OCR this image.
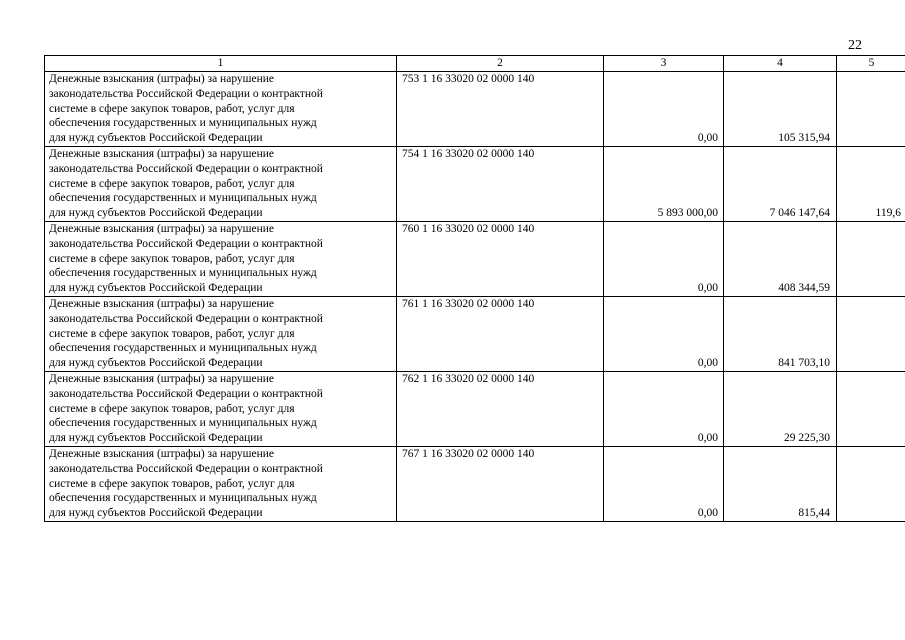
22
1	2	3	4	5

Денежные взыскания (штрафы) за нарушение
законодательства Российской Федерации о контрактной
системе в сфере закупок товаров, работ, услуг для
обеспечения государственных и муниципальных нужд
для нужд субъектов Российской Федерации	753 1 16 33020 02 0000 140	0,00	105 315,94	

Денежные взыскания (штрафы) за нарушение
законодательства Российской Федерации о контрактной
системе в сфере закупок товаров, работ, услуг для
обеспечения государственных и муниципальных нужд
для нужд субъектов Российской Федерации	754 1 16 33020 02 0000 140	5 893 000,00	7 046 147,64	119,6

Денежные взыскания (штрафы) за нарушение
законодательства Российской Федерации о контрактной
системе в сфере закупок товаров, работ, услуг для
обеспечения государственных и муниципальных нужд
для нужд субъектов Российской Федерации	760 1 16 33020 02 0000 140	0,00	408 344,59	

Денежные взыскания (штрафы) за нарушение
законодательства Российской Федерации о контрактной
системе в сфере закупок товаров, работ, услуг для
обеспечения государственных и муниципальных нужд
для нужд субъектов Российской Федерации	761 1 16 33020 02 0000 140	0,00	841 703,10	

Денежные взыскания (штрафы) за нарушение
законодательства Российской Федерации о контрактной
системе в сфере закупок товаров, работ, услуг для
обеспечения государственных и муниципальных нужд
для нужд субъектов Российской Федерации	762 1 16 33020 02 0000 140	0,00	29 225,30	

Денежные взыскания (штрафы) за нарушение
законодательства Российской Федерации о контрактной
системе в сфере закупок товаров, работ, услуг для
обеспечения государственных и муниципальных нужд
для нужд субъектов Российской Федерации	767 1 16 33020 02 0000 140	0,00	815,44	
